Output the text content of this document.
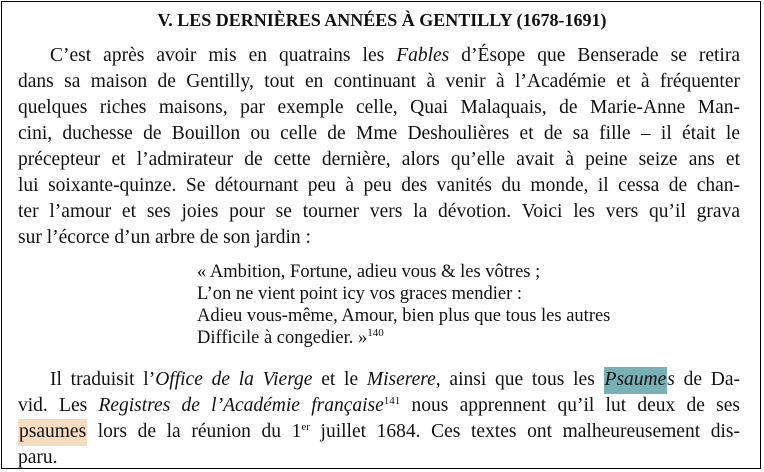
V. LES DERNIÈRES ANNÉES À GENTILLY (1678-1691)
C’est après avoir mis en quatrains les Fables d’Ésope que Benserade se retira
dans sa maison de Gentilly, tout en continuant à venir à l’Académie et à fréquenter
quelques riches maisons, par exemple celle, Quai Malaquais, de Marie-Anne Man-
cini, duchesse de Bouillon ou celle de Mme Deshoulières et de sa fille – il était le
précepteur et l’admirateur de cette dernière, alors qu’elle avait à peine seize ans et
lui soixante-quinze. Se détournant peu à peu des vanités du monde, il cessa de chan-
ter l’amour et ses joies pour se tourner vers la dévotion. Voici les vers qu’il grava
sur l’écorce d’un arbre de son jardin :
« Ambition, Fortune, adieu vous & les vôtres ;
L’on ne vient point icy vos graces mendier :
Adieu vous-même, Amour, bien plus que tous les autres
Difficile à congedier. »$^{140}$
Il traduisit l’Office de la Vierge et le Miserere, ainsi que tous les Psaumes de Da-
vid. Les Registres de l’Académie française$^{141}$ nous apprennent qu’il lut deux de ses
psaumes lors de la réunion du 1er juillet 1684. Ces textes ont malheureusement dis-
paru.
